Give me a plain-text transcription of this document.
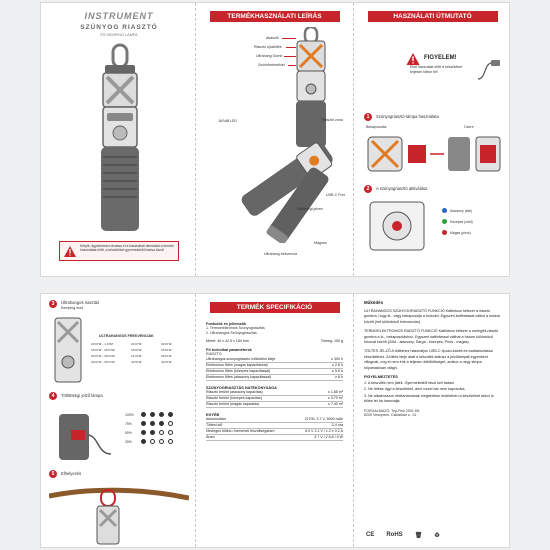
INSTRUMENT
SZÚNYOG RIASZTÓ
ÉS KEMPING LÁMPA
Kérjük, figyelmesen olvassa el a használati útmutatót a termék használata előtt, a készüléket gyermekektől tartsa távol!
TERMÉKHASZNÁLATI LEÍRÁS
Akasztó
Riasztó újratöltés
Ultrahang Gomb
Színhőmérséklet
Riasztó zóna
JASdB LED
USB-C Port
Töltöttségi jelzés
Mágnes
Ultrahang frekvencia
HASZNÁLATI ÚTMUTATÓ
FIGYELEM!
Első használat előtt a készüléket teljesen töltse fel!
1	Szúnyogriasztó-lámpa használata
Bekapcsolás	Csere
2	A szúnyogriasztó aktiválása
Alacsony (kék)
Közepes (zöld)
Magas (piros)
3	Ultrahangos riasztás
Kemping mód
ULTRAHANGOS FREKVENCIÁK
20 KHZ - 1 KHZ	24 KHZ	30 KHZ
15 KHZ - 25 KHZ	18 KHZ	25 KHZ
20 KHZ - 30 KHZ	21 KHZ	35 KHZ
30 KHZ - 45 KHZ	42 KHZ	40 KHZ
4	Töltöttségi jelző lámpa
100%
75%
50%
25%
5	Elhelyezés
TERMÉK SPECIFIKÁCIÓ
Funkciók és jellemzők
1. Termoelektromos Szúnyogriasztás
2. Ultrahangos Szúnyogriasztás
Méret: 40 x 42.5 x 184 mm	Tömeg: 150 g
Fő technikai paraméterek
RIASZTÓ
Ultrahangos szúnyogriasztó működési ideje	≥ 300 h
Elektromos fűtés (magas kapacitással)	≥ 2.8 h
Elektromos fűtés (közepes kapacitással)	≥ 5.6 h
Elektromos fűtés (alacsony kapacitással)	≥ 8 h
SZÚNYOGRIASZTÁS HATÉKONYSÁGA
Riasztó terület (alacsony kapacitás)	≤ 1.85 m²
Riasztó terület (közepes kapacitás)	≤ 3.70 m²
Riasztó terület (magas kapacitás)	≤ 7.40 m²
EGYÉB
Akkumulátor	21700, 3.7 V, 5000 mAh
Töltési idő	3-4 óra
Névleges töltési / bemeneti feszültségáram	5.0 V 2.1 V / 1.2 ± 0.2 A
Áram	3.7 V / 2.5 A / 9 W
Működés
ULTRAHANGOS SZÚNYOGRIASZTÓ FUNKCIÓ Kattintson kétszer a riasztó gombra, hogy ki-, vagy bekapcsolja a funkciót. Egyszeri kattintással váltsd a módok között (hét különböző frekvencián).
TERMOELEKTROMOS RIASZTÓ FUNKCIÓ Kattintson kétszer a melegítő-riasztó gombra a ki-, bekapcsoláshoz. Egyszeri kattintással válthat a három különböző fokozat között (Zöld - alacsony, Sárga - közepes, Piros - magas).
TÖLTÉS JELZŐ A töltéshez használjon USB-C típusú kábelt és csatlakoztassa készülékhez. A töltés ideje alatt a készülék státusz a jelzőlámpák egyenként villognak, míg el nem érik a teljesen feltöltöttséget, amikor a négy lámpa folyamatosan világít.
FIGYELMEZTETÉS
1. A készülék nem játék. Gyermekektől távol kell tartani.
2. Ne tölése ügyi a készüléket, ahol vízzel bár nem kapcsolva.
3. Ne alkalmazzon élettartamának megsértése érdekében a készüléket akkor is töltse fel ha használja.
FORGALMAZÓ: Top-Fish 2001 Kft.
8200 Veszprém, Csikárkán u. 14.
CE RoHS 🗑 ♻
